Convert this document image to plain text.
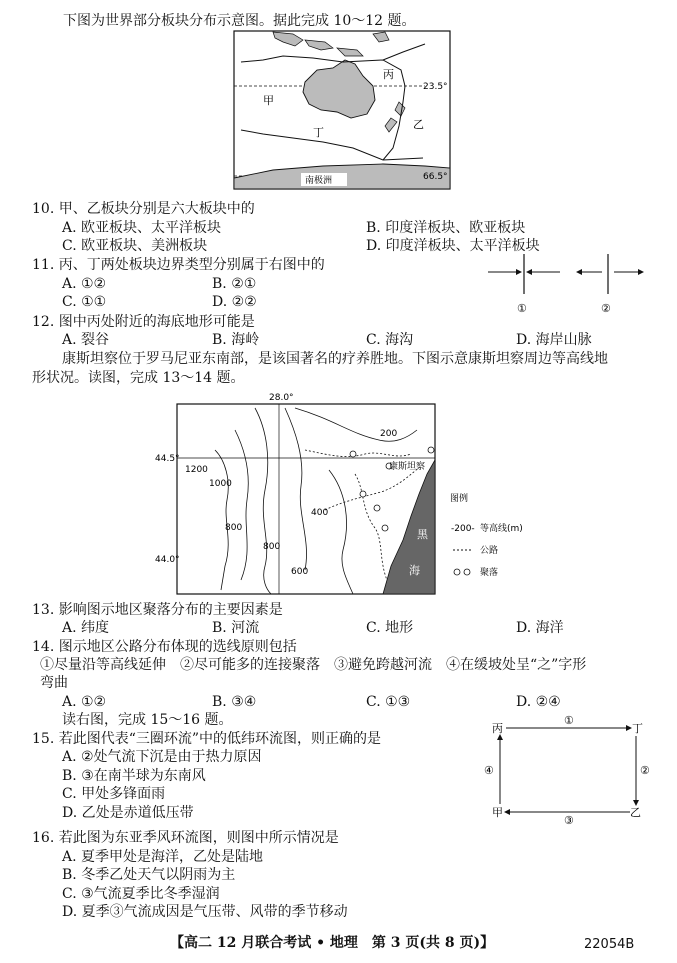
下图为世界部分板块分布示意图。据此完成 10～12 题。
23.5°
66.5°
丙
甲
丁
乙
南极洲
10. 甲、乙板块分别是六大板块中的
A. 欧亚板块、太平洋板块	B. 印度洋板块、欧亚板块
C. 欧亚板块、美洲板块	D. 印度洋板块、太平洋板块
11. 丙、丁两处板块边界类型分别属于右图中的
A. ①②	B. ②①
C. ①①	D. ②②	①	②
12. 图中丙处附近的海底地形可能是
A. 裂谷	B. 海岭	C. 海沟	D. 海岸山脉
康斯坦察位于罗马尼亚东南部，是该国著名的疗养胜地。下图示意康斯坦察周边等高线地
形状况。读图，完成 13～14 题。
28.0°
44.5°
44.0°
黑
海
200
1200
1000
400
800
800
600
康斯坦察
图例
-200- 等高线(m)
公路
聚落
13. 影响图示地区聚落分布的主要因素是
A. 纬度	B. 河流	C. 地形	D. 海洋
14. 图示地区公路分布体现的选线原则包括
①尽量沿等高线延伸　②尽可能多的连接聚落　③避免跨越河流　④在缓坡处呈“之”字形
弯曲
A. ①②	B. ③④	C. ①③	D. ②④
读右图，完成 15～16 题。
15. 若此图代表“三圈环流”中的低纬环流图，则正确的是
A. ②处气流下沉是由于热力原因
B. ③在南半球为东南风
C. 甲处多锋面雨
D. 乙处是赤道低压带
丙	丁
甲	乙
①
②
③
④
16. 若此图为东亚季风环流图，则图中所示情况是
A. 夏季甲处是海洋，乙处是陆地
B. 冬季乙处天气以阴雨为主
C. ③气流夏季比冬季湿润
D. 夏季③气流成因是气压带、风带的季节移动
【高二 12 月联合考试 • 地理　第 3 页(共 8 页)】	22054B
